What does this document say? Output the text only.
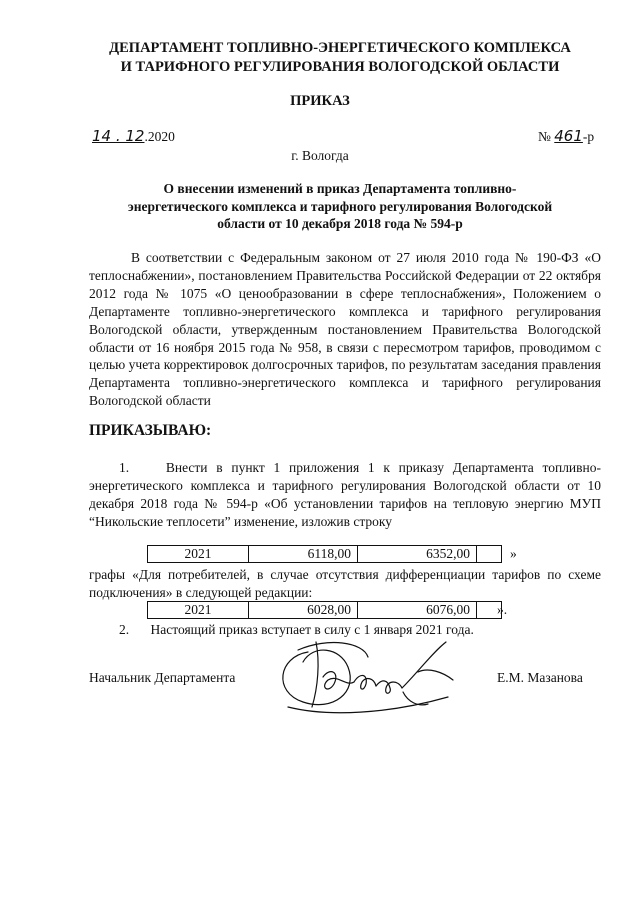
ДЕПАРТАМЕНТ ТОПЛИВНО-ЭНЕРГЕТИЧЕСКОГО КОМПЛЕКСА
И ТАРИФНОГО РЕГУЛИРОВАНИЯ ВОЛОГОДСКОЙ ОБЛАСТИ
ПРИКАЗ
14 . 12.2020	№ 461-р
г. Вологда
О внесении изменений в приказ Департамента топливно-
энергетического комплекса и тарифного регулирования Вологодской
области от 10 декабря 2018 года № 594-р
В соответствии с Федеральным законом от 27 июля 2010 года № 190-ФЗ «О теплоснабжении», постановлением Правительства Российской Федерации от 22 октября 2012 года № 1075 «О ценообразовании в сфере теплоснабжения», Положением о Департаменте топливно-энергетического комплекса и тарифного регулирования Вологодской области, утвержденным постановлением Правительства Вологодской области от 16 ноября 2015 года № 958, в связи с пересмотром тарифов, проводимом с целью учета корректировок долгосрочных тарифов, по результатам заседания правления Департамента топливно-энергетического комплекса и тарифного регулирования Вологодской области
ПРИКАЗЫВАЮ:
1.	Внести в пункт 1 приложения 1 к приказу Департамента топливно-энергетического комплекса и тарифного регулирования Вологодской области от 10 декабря 2018 года № 594-р «Об установлении тарифов на тепловую энергию МУП “Никольские теплосети” изменение, изложив строку
2021	6118,00	6352,00		»
графы «Для потребителей, в случае отсутствия дифференциации тарифов по схеме подключения» в следующей редакции:
2021	6028,00	6076,00	».
2. Настоящий приказ вступает в силу с 1 января 2021 года.
Начальник Департамента	Е.М. Мазанова
